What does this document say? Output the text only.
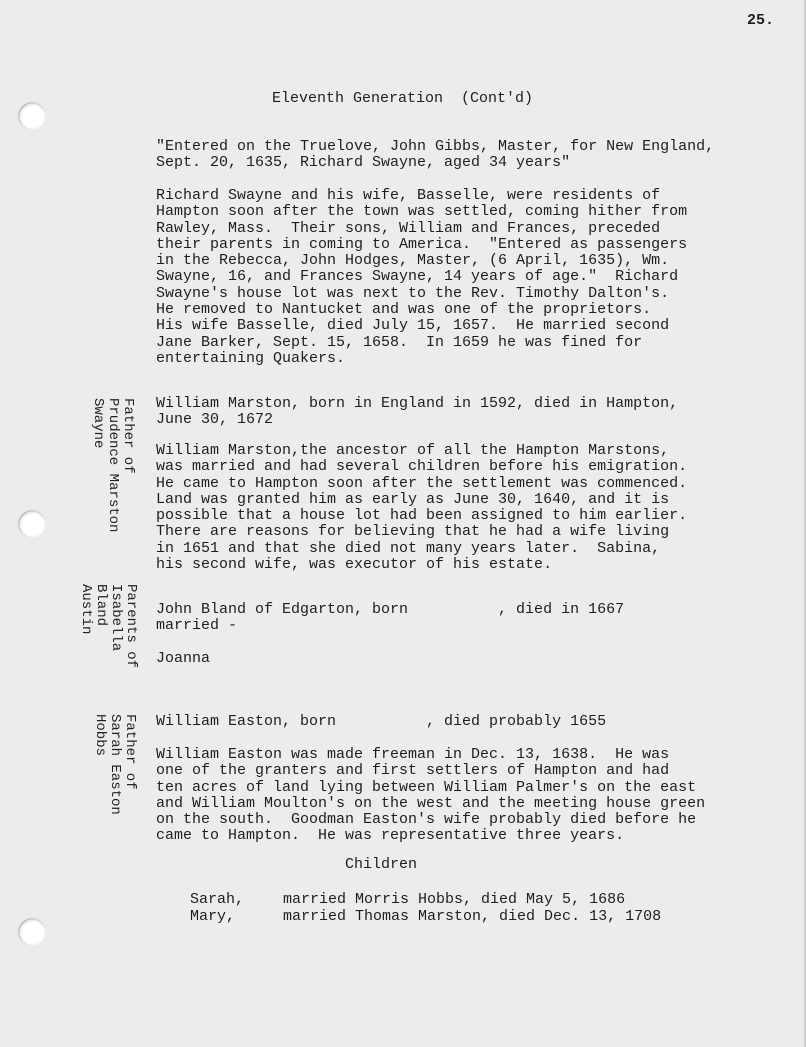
25.
Eleventh Generation  (Cont'd)

"Entered on the Truelove, John Gibbs, Master, for New England,
Sept. 20, 1635, Richard Swayne, aged 34 years"

Richard Swayne and his wife, Basselle, were residents of
Hampton soon after the town was settled, coming hither from
Rawley, Mass.  Their sons, William and Frances, preceded
their parents in coming to America.  "Entered as passengers
in the Rebecca, John Hodges, Master, (6 April, 1635), Wm.
Swayne, 16, and Frances Swayne, 14 years of age."  Richard
Swayne's house lot was next to the Rev. Timothy Dalton's.
He removed to Nantucket and was one of the proprietors.
His wife Basselle, died July 15, 1657.  He married second
Jane Barker, Sept. 15, 1658.  In 1659 he was fined for
entertaining Quakers.

Father of
Prudence Marston
Swayne	William Marston, born in England in 1592, died in Hampton,
June 30, 1672

William Marston,the ancestor of all the Hampton Marstons,
was married and had several children before his emigration.
He came to Hampton soon after the settlement was commenced.
Land was granted him as early as June 30, 1640, and it is
possible that a house lot had been assigned to him earlier.
There are reasons for believing that he had a wife living
in 1651 and that she died not many years later.  Sabina,
his second wife, was executor of his estate.

Parents of
Isabella
Bland
Austin	John Bland of Edgarton, born          , died in 1667
married -

Joanna

Father of
Sarah Easton
Hobbs	William Easton, born          , died probably 1655

William Easton was made freeman in Dec. 13, 1638.  He was
one of the granters and first settlers of Hampton and had
ten acres of land lying between William Palmer's on the east
and William Moulton's on the west and the meeting house green
on the south.  Goodman Easton's wife probably died before he
came to Hampton.  He was representative three years.

Children

Sarah,	married Morris Hobbs, died May 5, 1686

Mary,	married Thomas Marston, died Dec. 13, 1708
